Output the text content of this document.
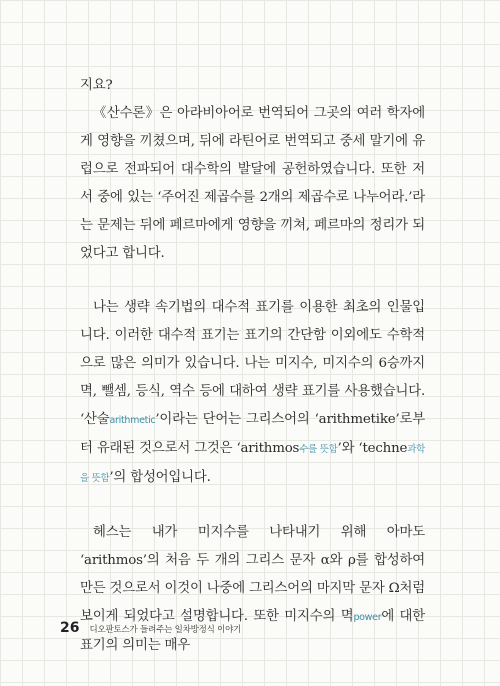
지요?

《산수론》은 아라비아어로 번역되어 그곳의 여러 학자에게 영향을 끼쳤으며, 뒤에 라틴어로 번역되고 중세 말기에 유럽으로 전파되어 대수학의 발달에 공헌하였습니다. 또한 저서 중에 있는 ‘주어진 제곱수를 2개의 제곱수로 나누어라.’라는 문제는 뒤에 페르마에게 영향을 끼쳐, 페르마의 정리가 되었다고 합니다.

나는 생략 속기법의 대수적 표기를 이용한 최초의 인물입니다. 이러한 대수적 표기는 표기의 간단함 이외에도 수학적으로 많은 의미가 있습니다. 나는 미지수, 미지수의 6승까지 멱, 뺄셈, 등식, 역수 등에 대하여 생략 표기를 사용했습니다. ‘산술arithmetic’이라는 단어는 그리스어의 ‘arithmetike’로부터 유래된 것으로서 그것은 ‘arithmos수를 뜻함’와 ‘techne과학을 뜻함’의 합성어입니다.

헤스는 내가 미지수를 나타내기 위해 아마도 ‘arithmos’의 처음 두 개의 그리스 문자 α와 ρ를 합성하여 만든 것으로서 이것이 나중에 그리스어의 마지막 문자 Ω처럼 보이게 되었다고 설명합니다. 또한 미지수의 멱power에 대한 표기의 의미는 매우

26 디오판토스가 들려주는 일차방정식 이야기
